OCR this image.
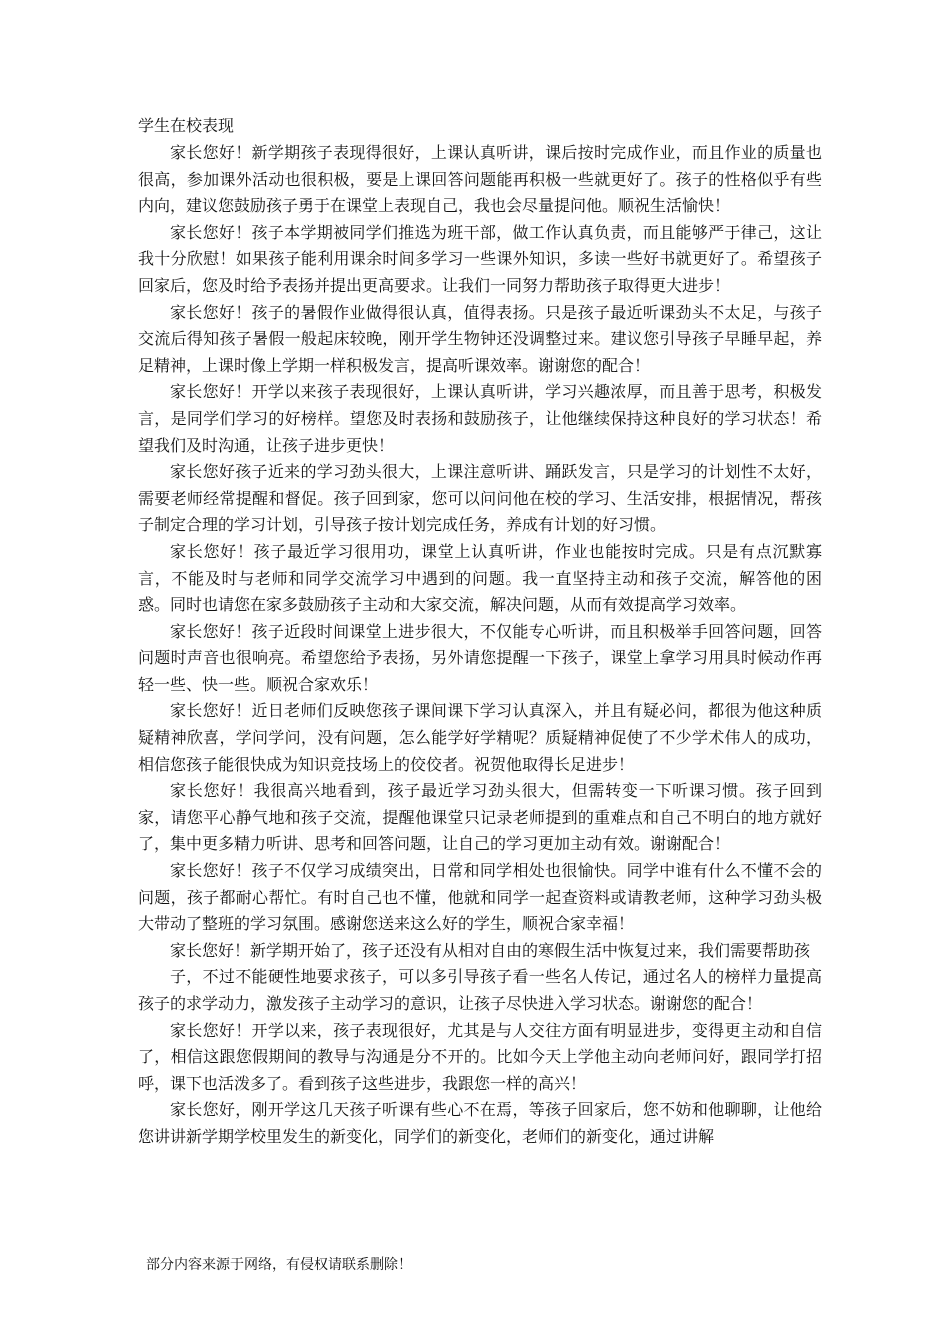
学生在校表现

家长您好！新学期孩子表现得很好，上课认真听讲，课后按时完成作业，而且作业的质量也很高，参加课外活动也很积极，要是上课回答问题能再积极一些就更好了。孩子的性格似乎有些内向，建议您鼓励孩子勇于在课堂上表现自己，我也会尽量提问他。顺祝生活愉快！

家长您好！孩子本学期被同学们推选为班干部，做工作认真负责，而且能够严于律己，这让我十分欣慰！如果孩子能利用课余时间多学习一些课外知识，多读一些好书就更好了。希望孩子回家后，您及时给予表扬并提出更高要求。让我们一同努力帮助孩子取得更大进步！

家长您好！孩子的暑假作业做得很认真，值得表扬。只是孩子最近听课劲头不太足，与孩子交流后得知孩子暑假一般起床较晚，刚开学生物钟还没调整过来。建议您引导孩子早睡早起，养足精神，上课时像上学期一样积极发言，提高听课效率。谢谢您的配合！

家长您好！开学以来孩子表现很好，上课认真听讲，学习兴趣浓厚，而且善于思考，积极发言，是同学们学习的好榜样。望您及时表扬和鼓励孩子，让他继续保持这种良好的学习状态！希望我们及时沟通，让孩子进步更快！

家长您好孩子近来的学习劲头很大，上课注意听讲、踊跃发言，只是学习的计划性不太好，需要老师经常提醒和督促。孩子回到家，您可以问问他在校的学习、生活安排，根据情况，帮孩子制定合理的学习计划，引导孩子按计划完成任务，养成有计划的好习惯。

家长您好！孩子最近学习很用功，课堂上认真听讲，作业也能按时完成。只是有点沉默寡言，不能及时与老师和同学交流学习中遇到的问题。我一直坚持主动和孩子交流，解答他的困惑。同时也请您在家多鼓励孩子主动和大家交流，解决问题，从而有效提高学习效率。

家长您好！孩子近段时间课堂上进步很大，不仅能专心听讲，而且积极举手回答问题，回答问题时声音也很响亮。希望您给予表扬，另外请您提醒一下孩子，课堂上拿学习用具时候动作再轻一些、快一些。顺祝合家欢乐！

家长您好！近日老师们反映您孩子课间课下学习认真深入，并且有疑必问，都很为他这种质疑精神欣喜，学问学问，没有问题，怎么能学好学精呢？质疑精神促使了不少学术伟人的成功，相信您孩子能很快成为知识竞技场上的佼佼者。祝贺他取得长足进步！

家长您好！我很高兴地看到，孩子最近学习劲头很大，但需转变一下听课习惯。孩子回到家，请您平心静气地和孩子交流，提醒他课堂只记录老师提到的重难点和自己不明白的地方就好了，集中更多精力听讲、思考和回答问题，让自己的学习更加主动有效。谢谢配合！

家长您好！孩子不仅学习成绩突出，日常和同学相处也很愉快。同学中谁有什么不懂不会的问题，孩子都耐心帮忙。有时自己也不懂，他就和同学一起查资料或请教老师，这种学习劲头极大带动了整班的学习氛围。感谢您送来这么好的学生，顺祝合家幸福！

家长您好！新学期开始了，孩子还没有从相对自由的寒假生活中恢复过来，我们需要帮助孩

子，不过不能硬性地要求孩子，可以多引导孩子看一些名人传记，通过名人的榜样力量提高孩子的求学动力，激发孩子主动学习的意识，让孩子尽快进入学习状态。谢谢您的配合！

家长您好！开学以来，孩子表现很好，尤其是与人交往方面有明显进步，变得更主动和自信了，相信这跟您假期间的教导与沟通是分不开的。比如今天上学他主动向老师问好，跟同学打招呼，课下也活泼多了。看到孩子这些进步，我跟您一样的高兴！

家长您好，刚开学这几天孩子听课有些心不在焉，等孩子回家后，您不妨和他聊聊，让他给您讲讲新学期学校里发生的新变化，同学们的新变化，老师们的新变化，通过讲解

部分内容来源于网络，有侵权请联系删除！
